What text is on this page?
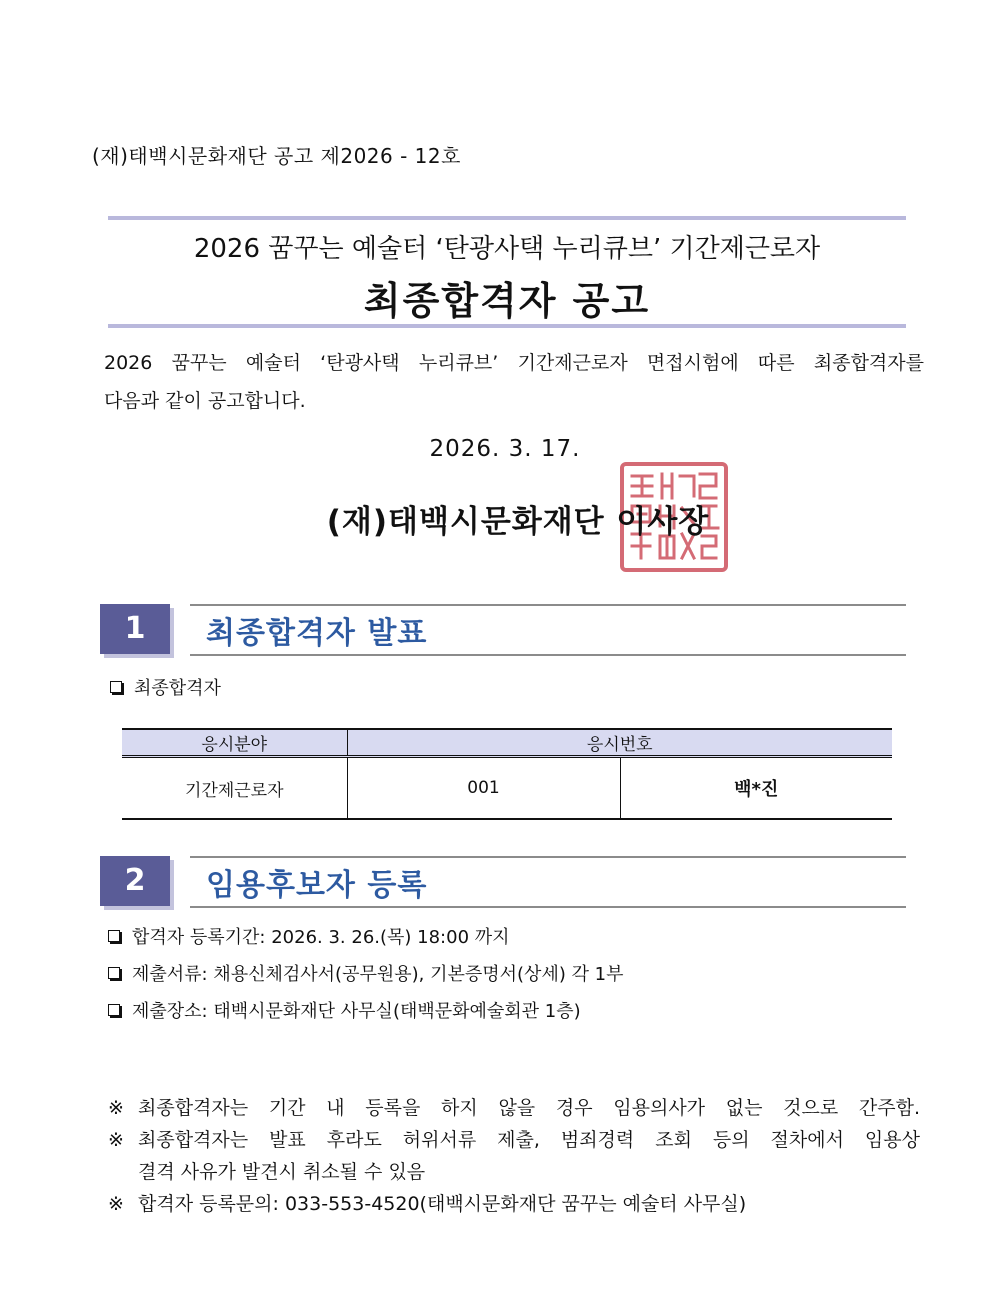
(재)태백시문화재단 공고 제2026 - 12호
2026 꿈꾸는 예술터 ‘탄광사택 누리큐브’ 기간제근로자
최종합격자 공고
2026 꿈꾸는 예술터 ‘탄광사택 누리큐브’ 기간제근로자 면접시험에 따른 최종합격자를
다음과 같이 공고합니다.
2026. 3. 17.
(재)태백시문화재단 이사장
1	최종합격자 발표
최종합격자
응시분야	응시번호	
기간제근로자	001	백*진
2	임용후보자 등록
합격자 등록기간: 2026. 3. 26.(목) 18:00 까지
제출서류: 채용신체검사서(공무원용), 기본증명서(상세) 각 1부
제출장소: 태백시문화재단 사무실(태백문화예술회관 1층)
※ 최종합격자는 기간 내 등록을 하지 않을 경우 임용의사가 없는 것으로 간주함.
※ 최종합격자는 발표 후라도 허위서류 제출, 범죄경력 조회 등의 절차에서 임용상
결격 사유가 발견시 취소될 수 있음
※ 합격자 등록문의: 033-553-4520(태백시문화재단 꿈꾸는 예술터 사무실)
